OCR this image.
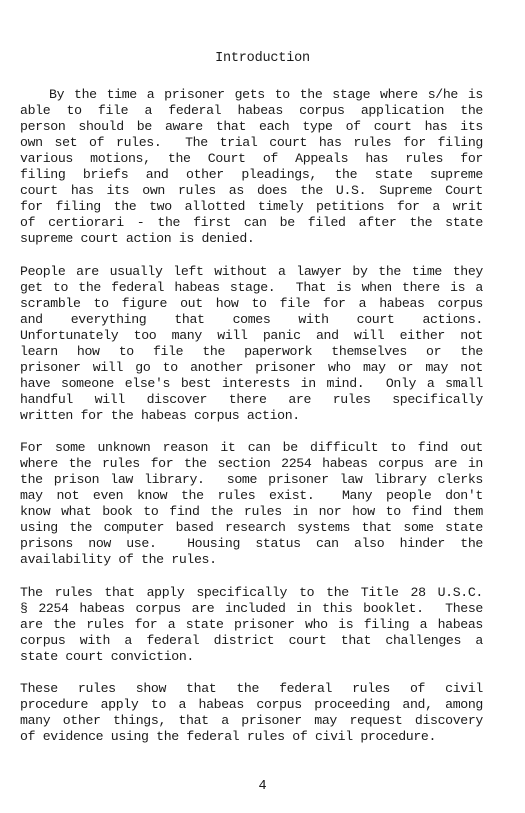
Introduction
By the time a prisoner gets to the stage where s/he is
able to file a federal habeas corpus application the
person should be aware that each type of court has its
own set of rules.  The trial court has rules for filing
various motions, the Court of Appeals has rules for
filing briefs and other pleadings, the state supreme
court has its own rules as does the U.S. Supreme Court
for filing the two allotted timely petitions for a writ
of certiorari - the first can be filed after the state
supreme court action is denied.
People are usually left without a lawyer by the time they
get to the federal habeas stage.  That is when there is a
scramble to figure out how to file for a habeas corpus
and everything that comes with court actions.
Unfortunately too many will panic and will either not
learn how to file the paperwork themselves or the
prisoner will go to another prisoner who may or may not
have someone else's best interests in mind.  Only a small
handful will discover there are rules specifically
written for the habeas corpus action.
For some unknown reason it can be difficult to find out
where the rules for the section 2254 habeas corpus are in
the prison law library.  some prisoner law library clerks
may not even know the rules exist.  Many people don't
know what book to find the rules in nor how to find them
using the computer based research systems that some state
prisons now use.  Housing status can also hinder the
availability of the rules.
The rules that apply specifically to the Title 28 U.S.C.
§ 2254 habeas corpus are included in this booklet.  These
are the rules for a state prisoner who is filing a habeas
corpus with a federal district court that challenges a
state court conviction.
These rules show that the federal rules of civil
procedure apply to a habeas corpus proceeding and, among
many other things, that a prisoner may request discovery
of evidence using the federal rules of civil procedure.
4
